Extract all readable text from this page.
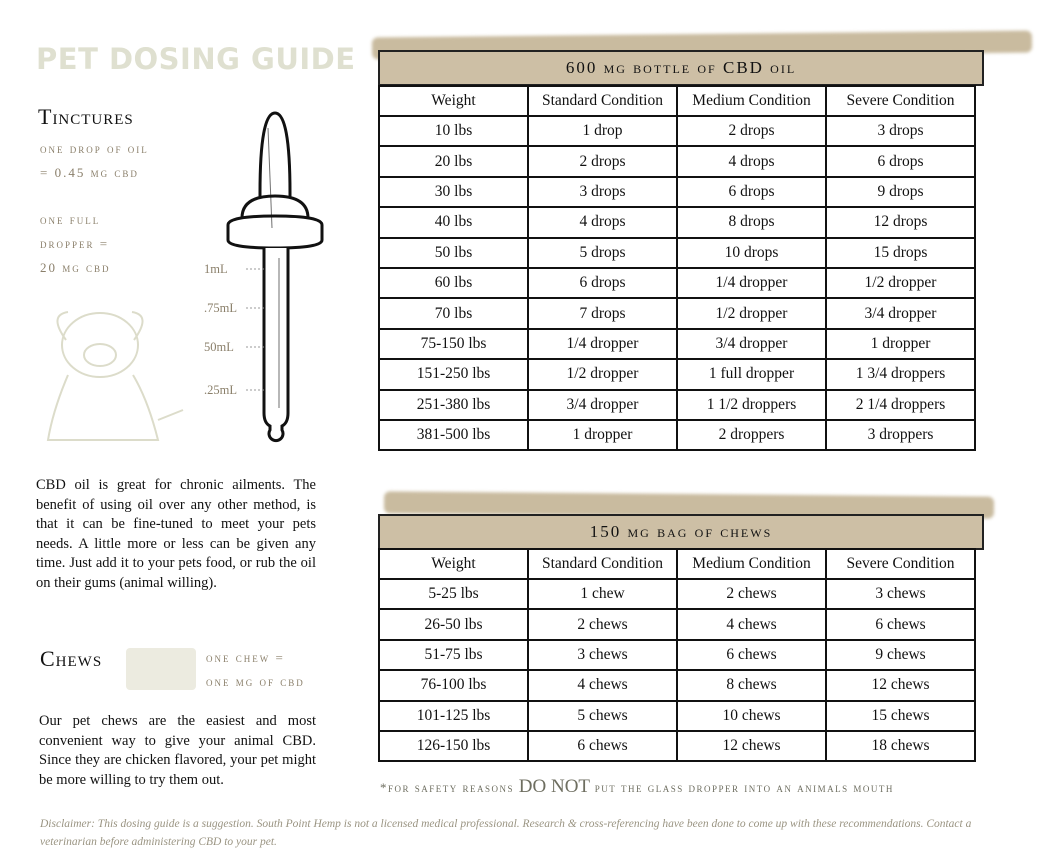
PET DOSING GUIDE
Tinctures
one drop of oil
= 0.45 mg cbd
one full
dropper =
20 mg cbd	1mL
.75mL
50mL
.25mL
CBD oil is great for chronic ailments. The benefit of using oil over any other method, is that it can be fine-tuned to meet your pets needs. A little more or less can be given any time. Just add it to your pets food, or rub the oil on their gums (animal willing).
Chews	one chew =
one mg of cbd
Our pet chews are the easiest and most convenient way to give your animal CBD. Since they are chicken flavored, your pet might be more willing to try them out.
600 mg bottle of CBD oil
Weight	Standard Condition	Medium Condition	Severe Condition
10 lbs	1 drop	2 drops	3 drops
20 lbs	2 drops	4 drops	6 drops
30 lbs	3 drops	6 drops	9 drops
40 lbs	4 drops	8 drops	12 drops
50 lbs	5 drops	10 drops	15 drops
60 lbs	6 drops	1/4 dropper	1/2 dropper
70 lbs	7 drops	1/2 dropper	3/4 dropper
75-150 lbs	1/4 dropper	3/4 dropper	1 dropper
151-250 lbs	1/2 dropper	1 full dropper	1 3/4 droppers
251-380 lbs	3/4 dropper	1 1/2 droppers	2 1/4 droppers
381-500 lbs	1 dropper	2 droppers	3 droppers
150 mg bag of chews
Weight	Standard Condition	Medium Condition	Severe Condition
5-25 lbs	1 chew	2 chews	3 chews
26-50 lbs	2 chews	4 chews	6 chews
51-75 lbs	3 chews	6 chews	9 chews
76-100 lbs	4 chews	8 chews	12 chews
101-125 lbs	5 chews	10 chews	15 chews
126-150 lbs	6 chews	12 chews	18 chews
*for safety reasons DO NOT put the glass dropper into an animals mouth
Disclaimer: This dosing guide is a suggestion. South Point Hemp is not a licensed medical professional. Research & cross-referencing have been done to come up with these recommendations. Contact a veterinarian before administering CBD to your pet.
